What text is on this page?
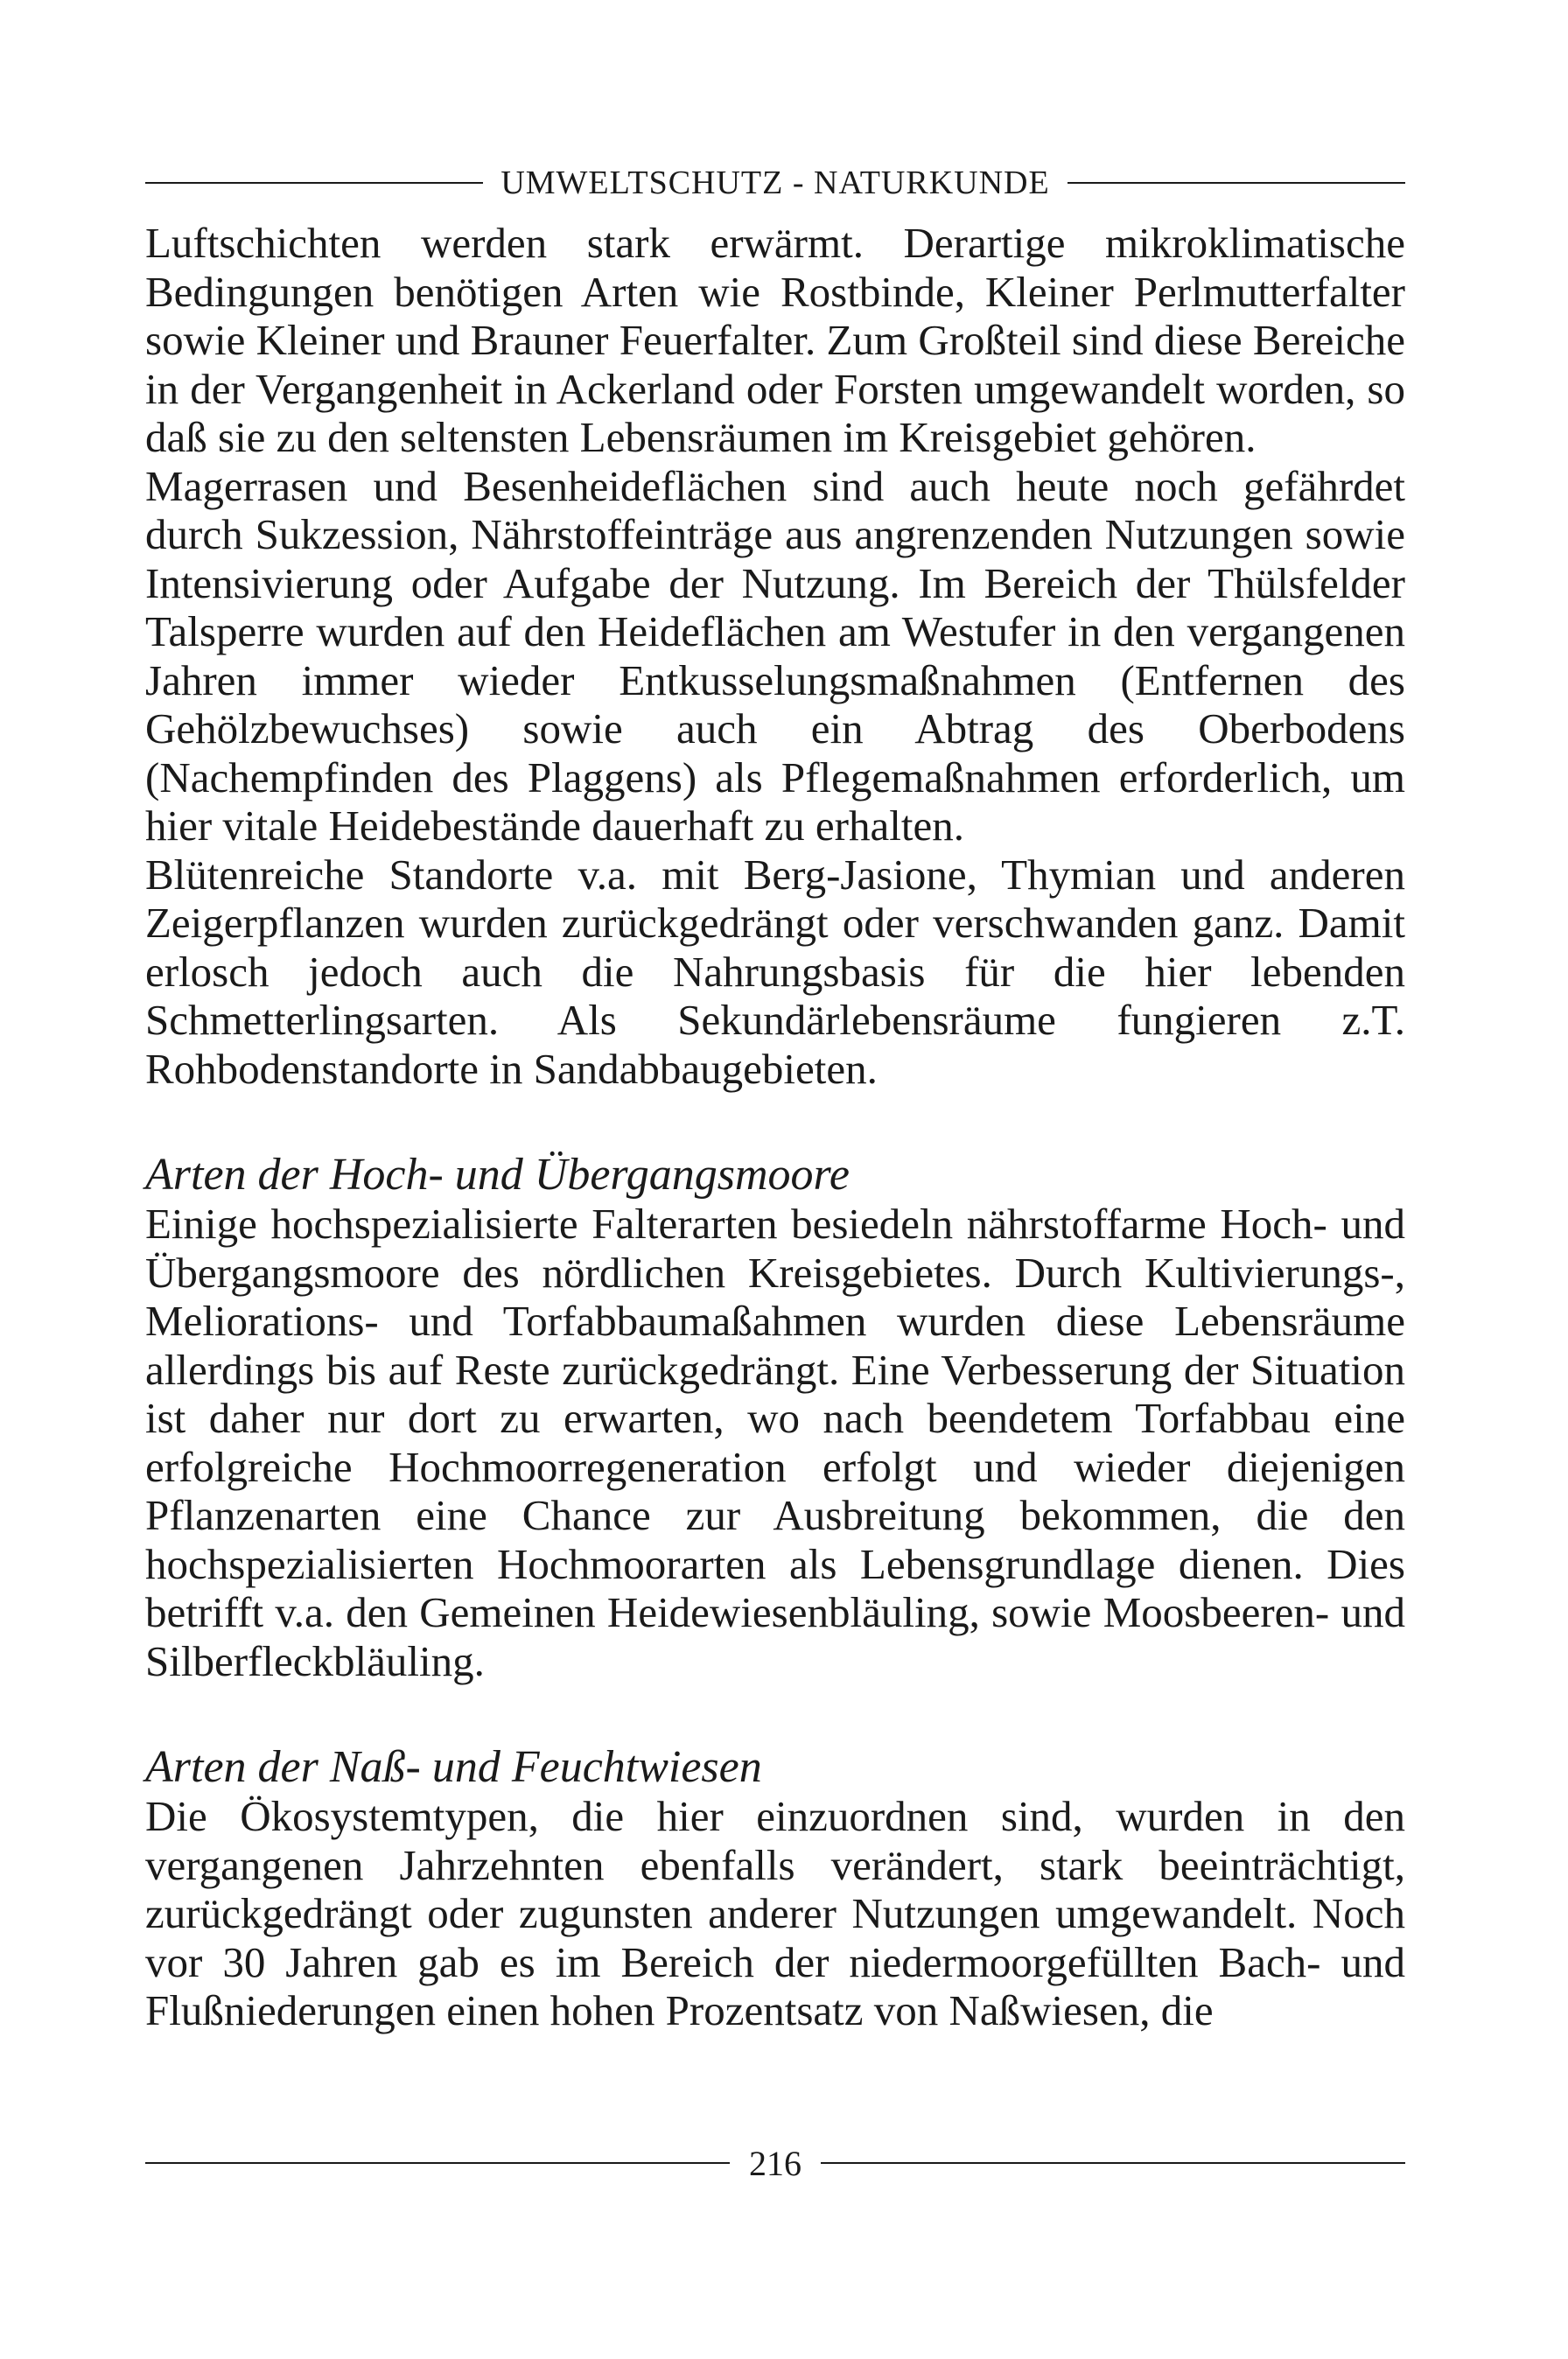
UMWELTSCHUTZ - NATURKUNDE

Luftschichten werden stark erwärmt. Derartige mikroklimatische Bedingungen benötigen Arten wie Rostbinde, Kleiner Perlmutterfalter sowie Kleiner und Brauner Feuerfalter. Zum Großteil sind diese Bereiche in der Vergangenheit in Ackerland oder Forsten umgewandelt worden, so daß sie zu den seltensten Lebensräumen im Kreisgebiet gehören.

Magerrasen und Besenheideflächen sind auch heute noch gefährdet durch Sukzession, Nährstoffeinträge aus angrenzenden Nutzungen sowie Intensivierung oder Aufgabe der Nutzung. Im Bereich der Thülsfelder Talsperre wurden auf den Heideflächen am Westufer in den vergangenen Jahren immer wieder Entkusselungsmaßnahmen (Entfernen des Gehölzbewuchses) sowie auch ein Abtrag des Oberbodens (Nachempfinden des Plaggens) als Pflegemaßnahmen erforderlich, um hier vitale Heidebestände dauerhaft zu erhalten.

Blütenreiche Standorte v.a. mit Berg-Jasione, Thymian und anderen Zeigerpflanzen wurden zurückgedrängt oder verschwanden ganz. Damit erlosch jedoch auch die Nahrungsbasis für die hier lebenden Schmetterlingsarten. Als Sekundärlebensräume fungieren z.T. Rohbodenstandorte in Sandabbaugebieten.

Arten der Hoch- und Übergangsmoore

Einige hochspezialisierte Falterarten besiedeln nährstoffarme Hoch- und Übergangsmoore des nördlichen Kreisgebietes. Durch Kultivierungs-, Meliorations- und Torfabbaumaßahmen wurden diese Lebensräume allerdings bis auf Reste zurückgedrängt. Eine Verbesserung der Situation ist daher nur dort zu erwarten, wo nach beendetem Torfabbau eine erfolgreiche Hochmoorregeneration erfolgt und wieder diejenigen Pflanzenarten eine Chance zur Ausbreitung bekommen, die den hochspezialisierten Hochmoorarten als Lebensgrundlage dienen. Dies betrifft v.a. den Gemeinen Heidewiesenbläuling, sowie Moosbeeren- und Silberfleckbläuling.

Arten der Naß- und Feuchtwiesen

Die Ökosystemtypen, die hier einzuordnen sind, wurden in den vergangenen Jahrzehnten ebenfalls verändert, stark beeinträchtigt, zurückgedrängt oder zugunsten anderer Nutzungen umgewandelt. Noch vor 30 Jahren gab es im Bereich der niedermoorgefüllten Bach- und Flußniederungen einen hohen Prozentsatz von Naßwiesen, die

216
